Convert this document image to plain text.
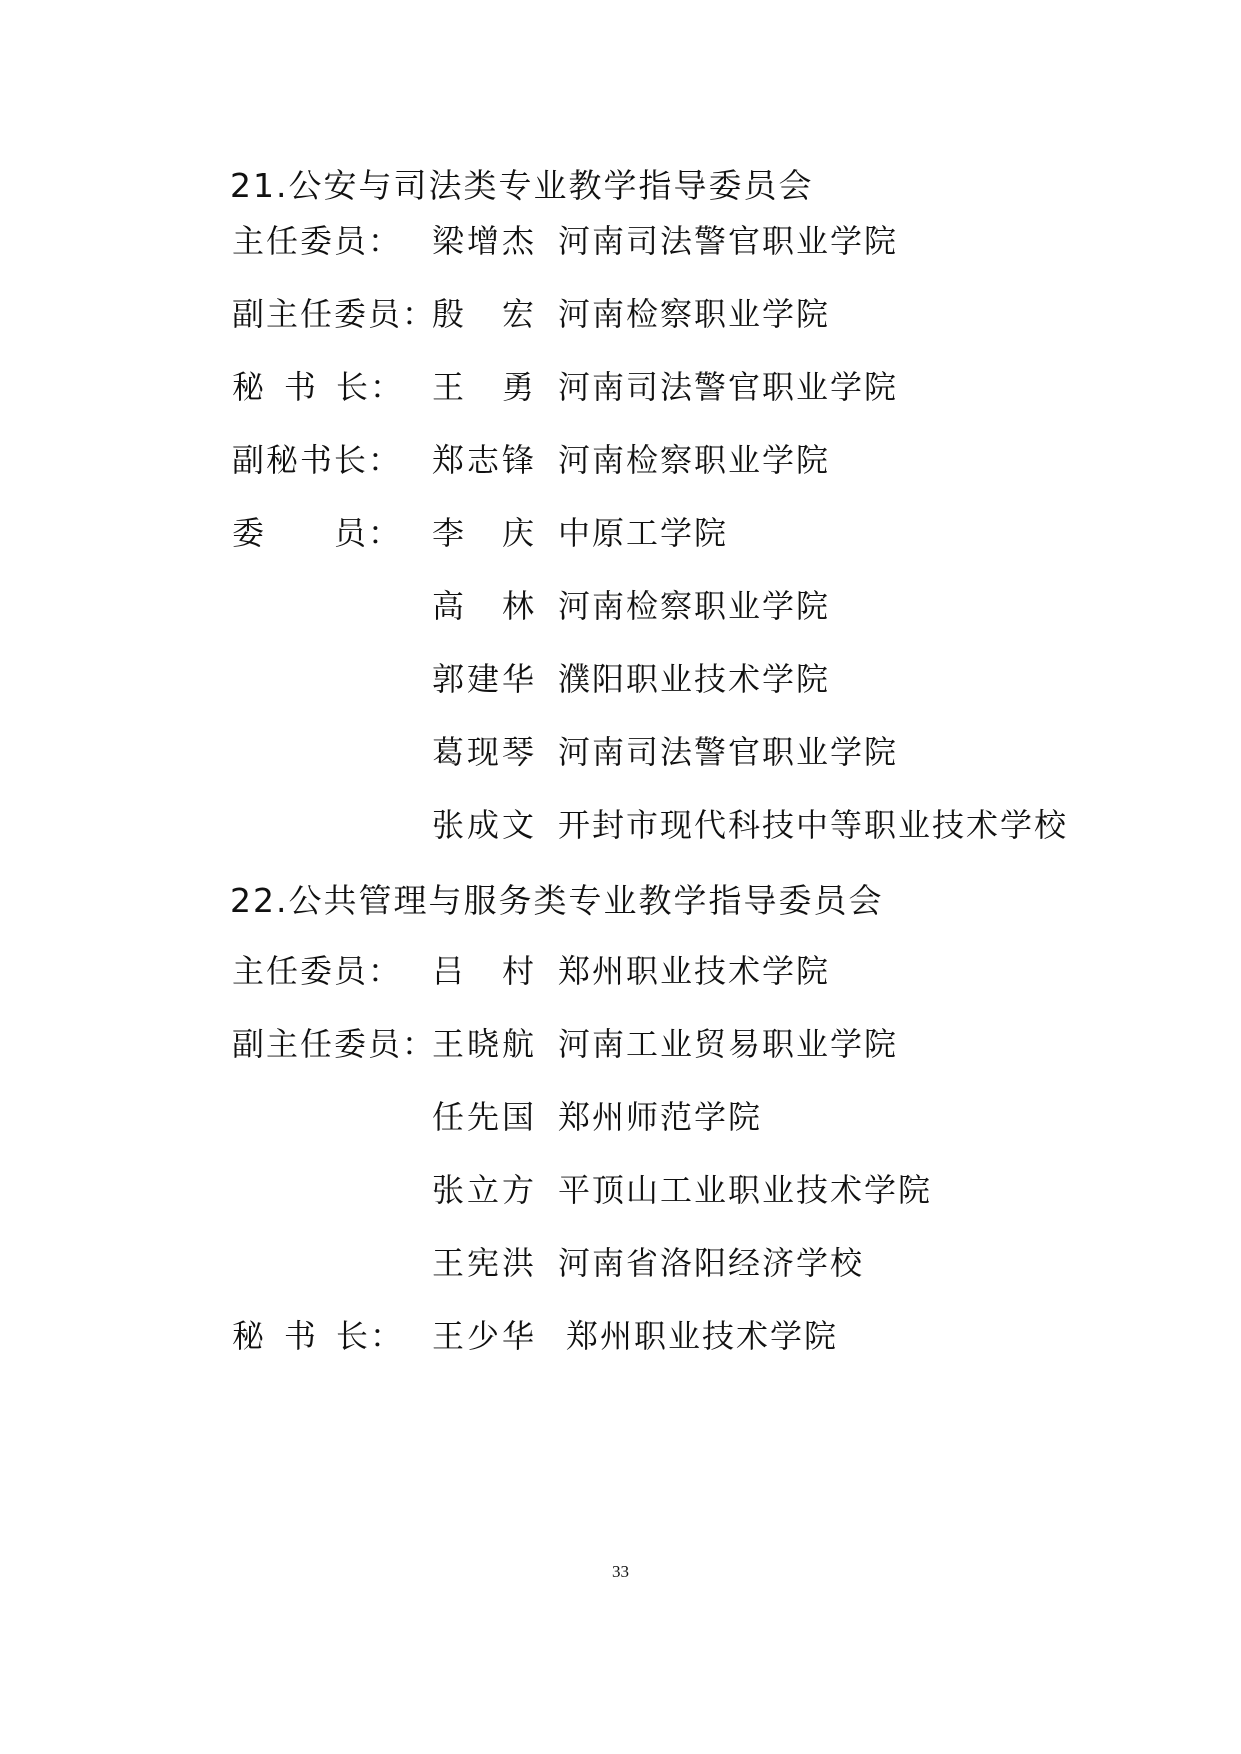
21.公安与司法类专业教学指导委员会
主任委员： 梁增杰 河南司法警官职业学院
副主任委员：
殷　宏 河南检察职业学院
秘 书 长： 王　勇 河南司法警官职业学院
副秘书长： 郑志锋 河南检察职业学院
委　　员： 李　庆 中原工学院
高　林 河南检察职业学院
郭建华 濮阳职业技术学院
葛现琴 河南司法警官职业学院
张成文 开封市现代科技中等职业技术学校
22.公共管理与服务类专业教学指导委员会
主任委员： 吕　村 郑州职业技术学院
副主任委员：
王晓航 河南工业贸易职业学院
任先国 郑州师范学院
张立方 平顶山工业职业技术学院
王宪洪 河南省洛阳经济学校
秘 书 长： 王少华 郑州职业技术学院
33
